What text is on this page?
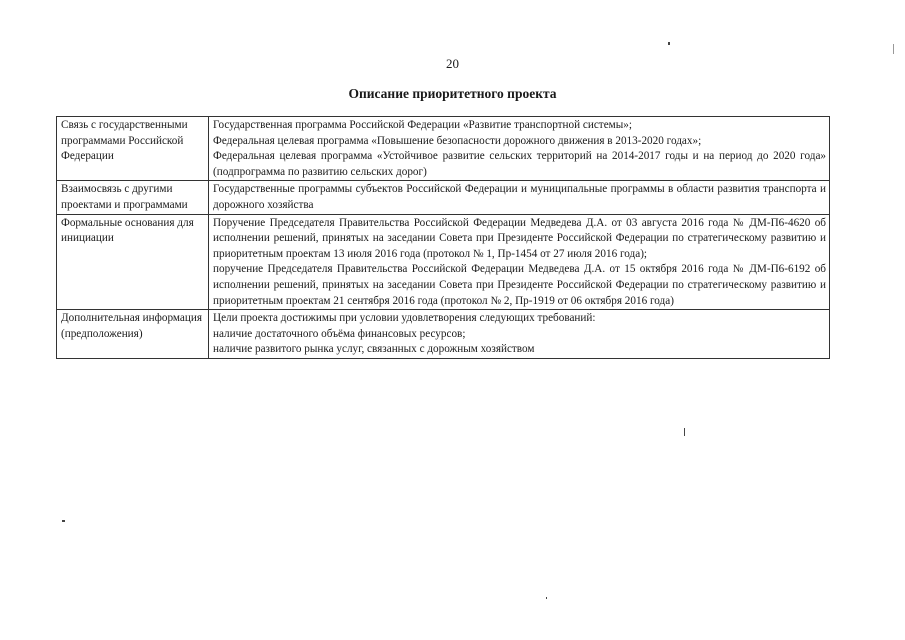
20
Описание приоритетного проекта
Связь с государственными программами Российской Федерации	Государственная программа Российской Федерации «Развитие транспортной системы»;
Федеральная целевая программа «Повышение безопасности дорожного движения в 2013-2020 годах»;
Федеральная целевая программа «Устойчивое развитие сельских территорий на 2014-2017 годы и на период до 2020 года» (подпрограмма по развитию сельских дорог)

Взаимосвязь с другими проектами и программами	Государственные программы субъектов Российской Федерации и муниципальные программы в области развития транспорта и дорожного хозяйства

Формальные основания для инициации	Поручение Председателя Правительства Российской Федерации Медведева Д.А. от 03 августа 2016 года № ДМ-П6-4620 об исполнении решений, принятых на заседании Совета при Президенте Российской Федерации по стратегическому развитию и приоритетным проектам 13 июля 2016 года (протокол № 1, Пр-1454 от 27 июля 2016 года);
поручение Председателя Правительства Российской Федерации Медведева Д.А. от 15 октября 2016 года № ДМ-П6-6192 об исполнении решений, принятых на заседании Совета при Президенте Российской Федерации по стратегическому развитию и приоритетным проектам 21 сентября 2016 года (протокол № 2, Пр-1919 от 06 октября 2016 года)

Дополнительная информация (предположения)	Цели проекта достижимы при условии удовлетворения следующих требований:
наличие достаточного объёма финансовых ресурсов;
наличие развитого рынка услуг, связанных с дорожным хозяйством
